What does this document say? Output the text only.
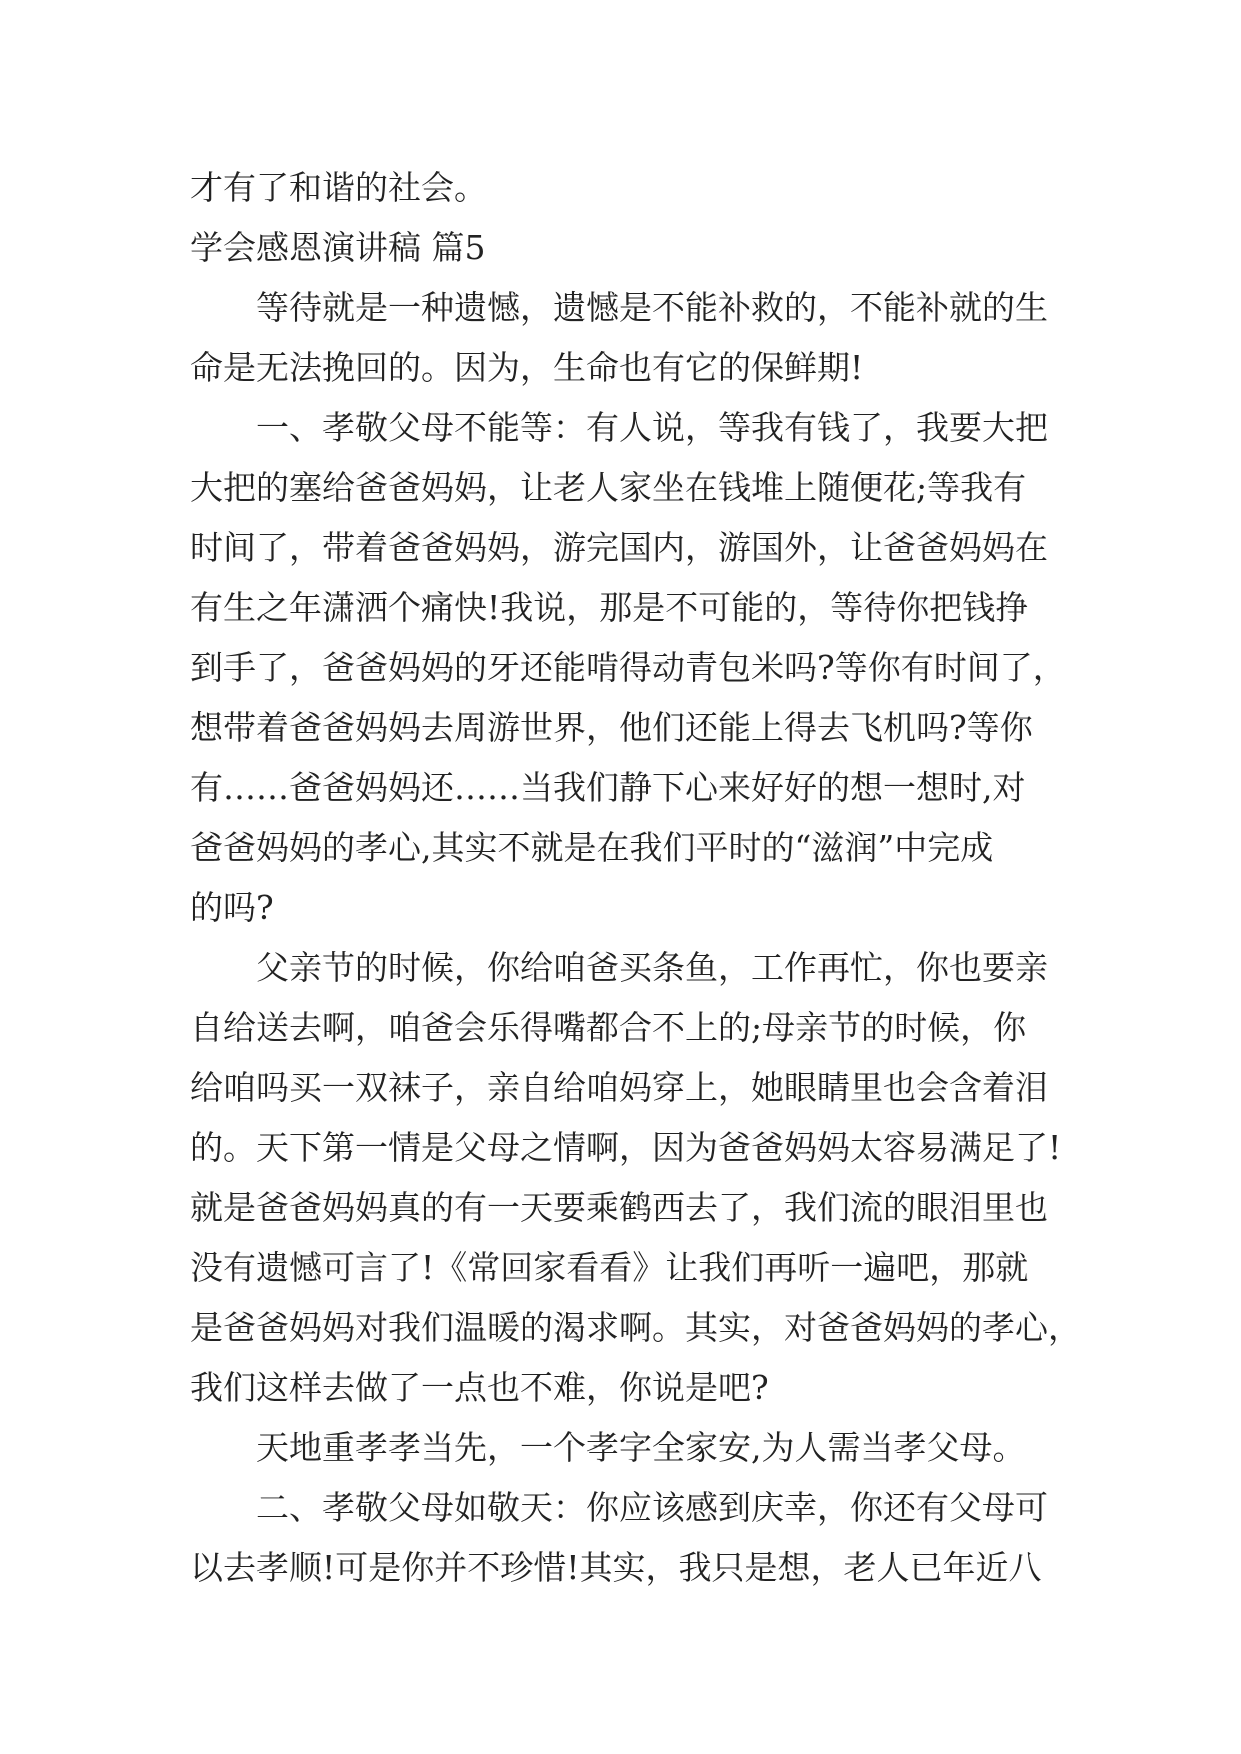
才有了和谐的社会。
学会感恩演讲稿 篇5
等待就是一种遗憾，遗憾是不能补救的，不能补就的生
命是无法挽回的。因为，生命也有它的保鲜期!
一、孝敬父母不能等：有人说，等我有钱了，我要大把
大把的塞给爸爸妈妈，让老人家坐在钱堆上随便花;等我有
时间了，带着爸爸妈妈，游完国内，游国外，让爸爸妈妈在
有生之年潇洒个痛快!我说，那是不可能的，等待你把钱挣
到手了，爸爸妈妈的牙还能啃得动青包米吗?等你有时间了，
想带着爸爸妈妈去周游世界，他们还能上得去飞机吗?等你
有……爸爸妈妈还……当我们静下心来好好的想一想时,对
爸爸妈妈的孝心,其实不就是在我们平时的“滋润”中完成
的吗?
父亲节的时候，你给咱爸买条鱼，工作再忙，你也要亲
自给送去啊，咱爸会乐得嘴都合不上的;母亲节的时候，你
给咱吗买一双袜子，亲自给咱妈穿上，她眼睛里也会含着泪
的。天下第一情是父母之情啊，因为爸爸妈妈太容易满足了!
就是爸爸妈妈真的有一天要乘鹤西去了，我们流的眼泪里也
没有遗憾可言了!《常回家看看》让我们再听一遍吧，那就
是爸爸妈妈对我们温暖的渴求啊。其实，对爸爸妈妈的孝心，
我们这样去做了一点也不难，你说是吧?
天地重孝孝当先，一个孝字全家安,为人需当孝父母。
二、孝敬父母如敬天：你应该感到庆幸，你还有父母可
以去孝顺!可是你并不珍惜!其实，我只是想，老人已年近八
